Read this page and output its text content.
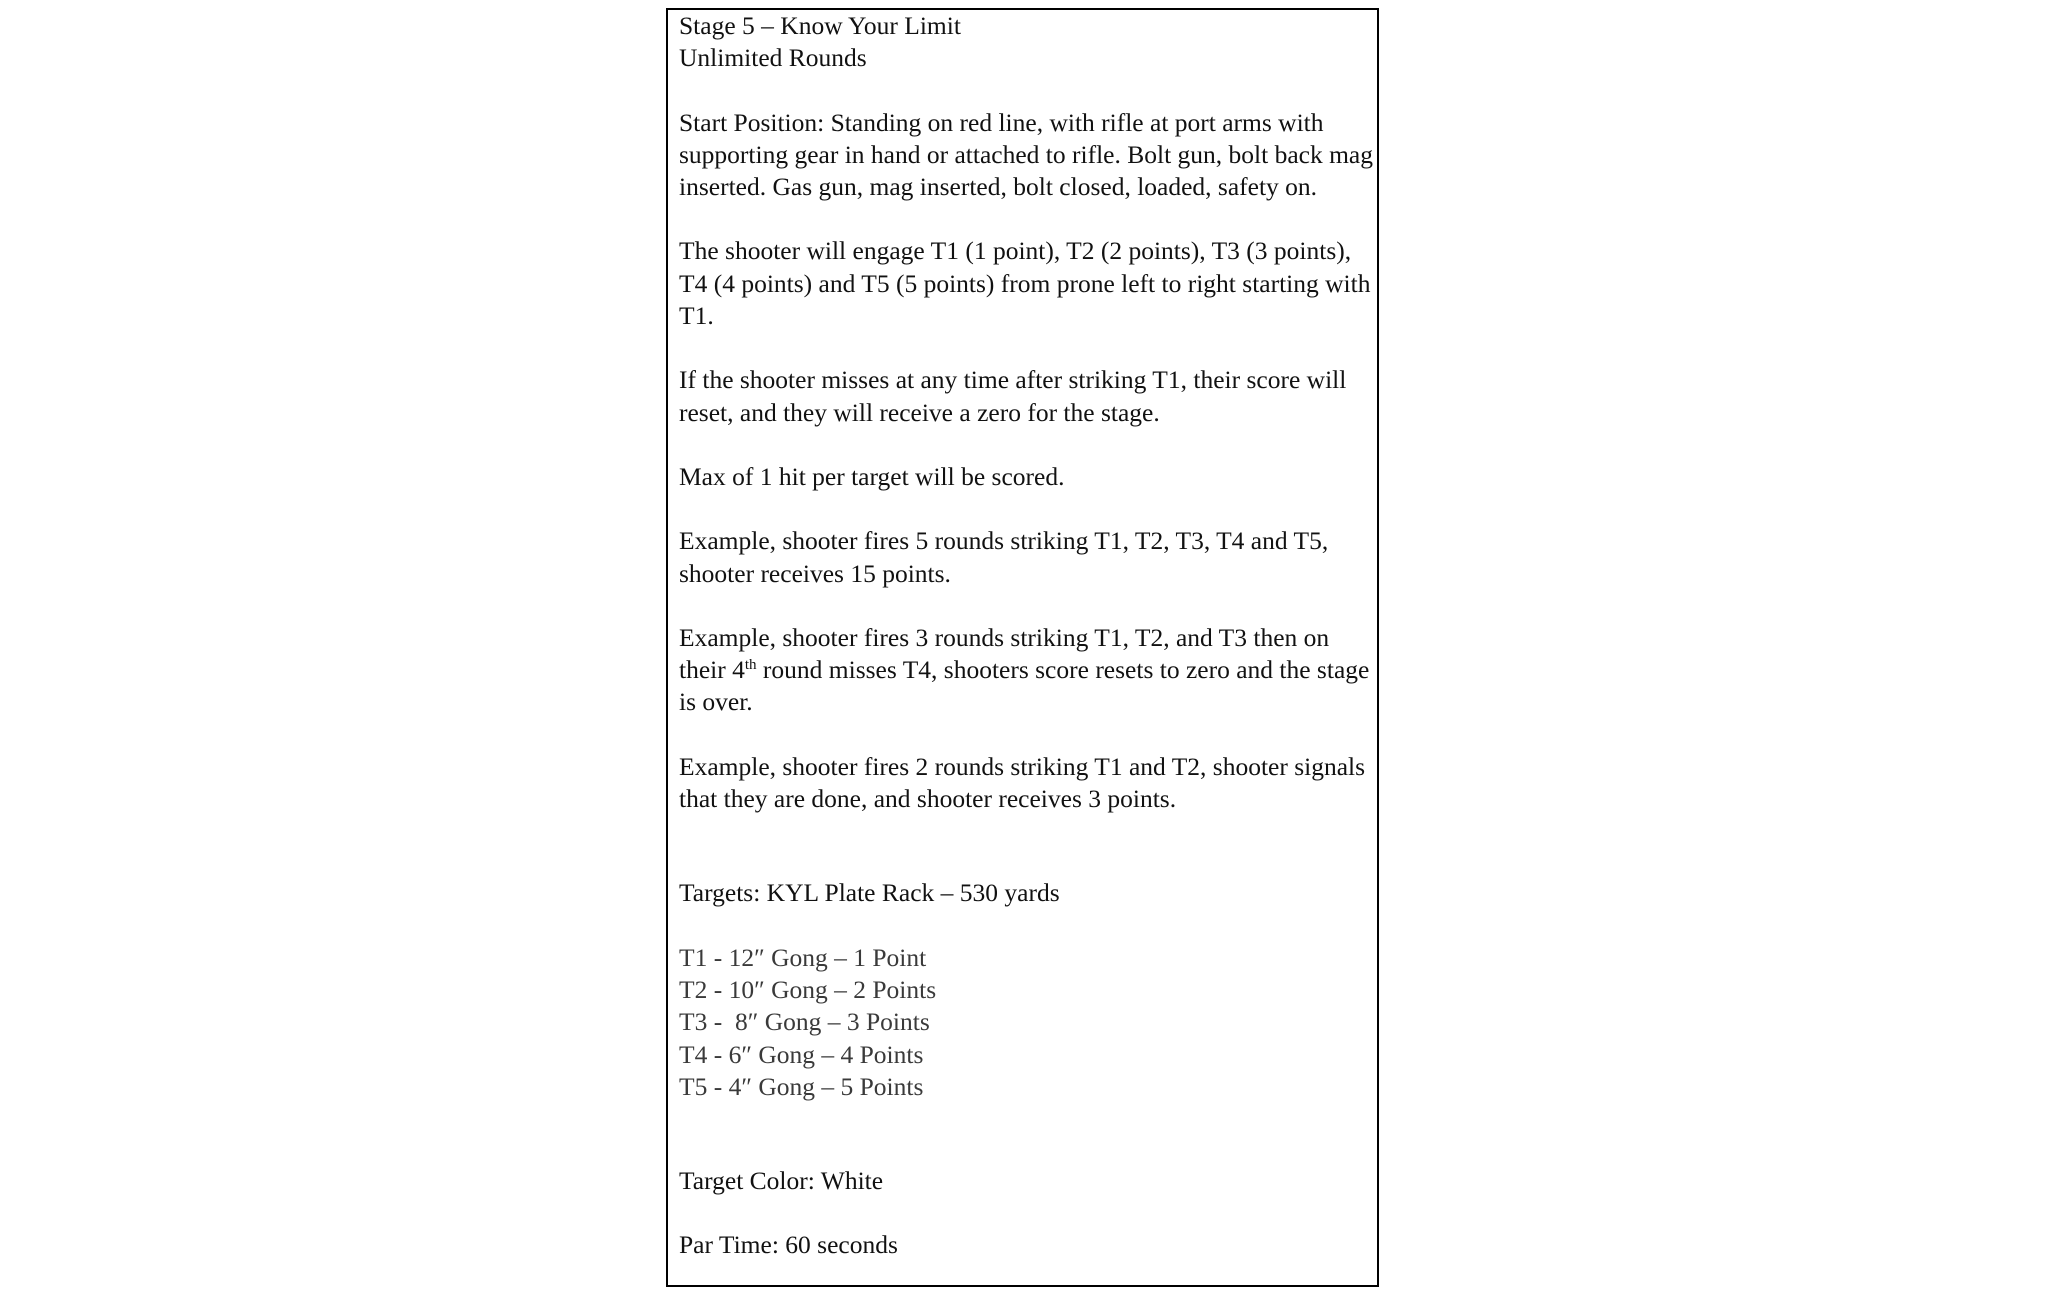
Stage 5 – Know Your Limit

Unlimited Rounds

Start Position: Standing on red line, with rifle at port arms with supporting gear in hand or attached to rifle. Bolt gun, bolt back mag inserted. Gas gun, mag inserted, bolt closed, loaded, safety on.

The shooter will engage T1 (1 point), T2 (2 points), T3 (3 points), T4 (4 points) and T5 (5 points) from prone left to right starting with T1.

If the shooter misses at any time after striking T1, their score will reset, and they will receive a zero for the stage.

Max of 1 hit per target will be scored.

Example, shooter fires 5 rounds striking T1, T2, T3, T4 and T5, shooter receives 15 points.

Example, shooter fires 3 rounds striking T1, T2, and T3 then on their 4th round misses T4, shooters score resets to zero and the stage is over.

Example, shooter fires 2 rounds striking T1 and T2, shooter signals that they are done, and shooter receives 3 points.

Targets: KYL Plate Rack – 530 yards

T1 - 12″ Gong – 1 Point

T2 - 10″ Gong – 2 Points

T3 -  8″ Gong – 3 Points

T4 - 6″ Gong – 4 Points

T5 - 4″ Gong – 5 Points

Target Color: White

Par Time: 60 seconds
